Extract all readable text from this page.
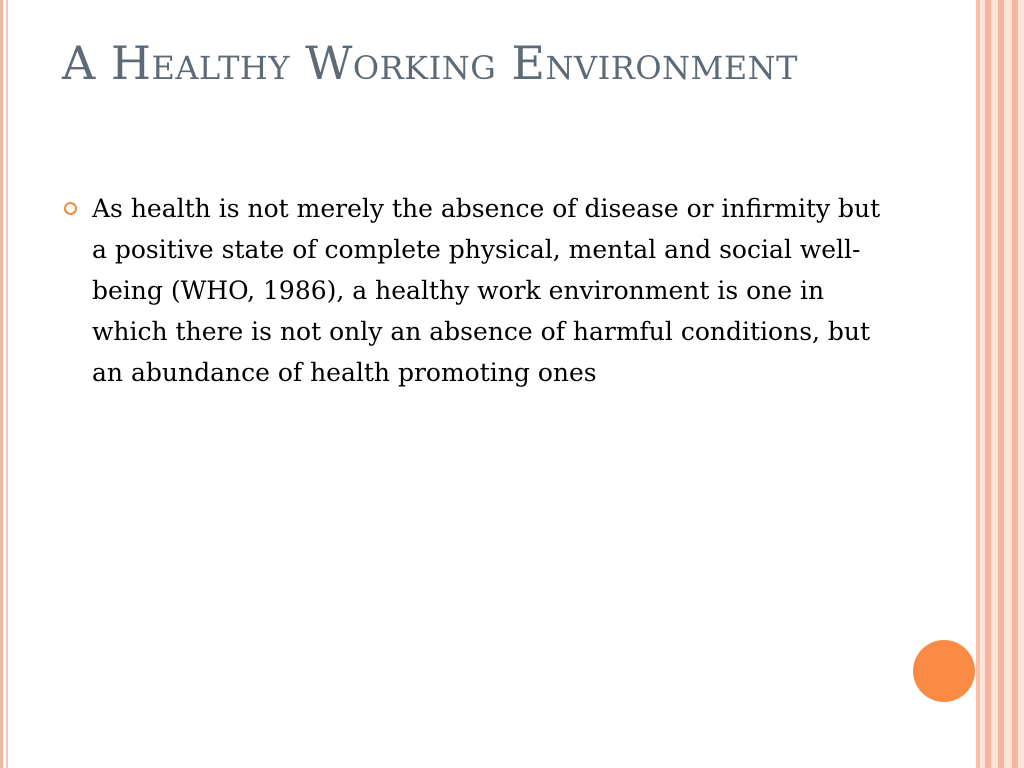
A Healthy Working Environment
As health is not merely the absence of disease or infirmity but a positive state of complete physical, mental and social well-being (WHO, 1986), a healthy work environment is one in which there is not only an absence of harmful conditions, but an abundance of health promoting ones
